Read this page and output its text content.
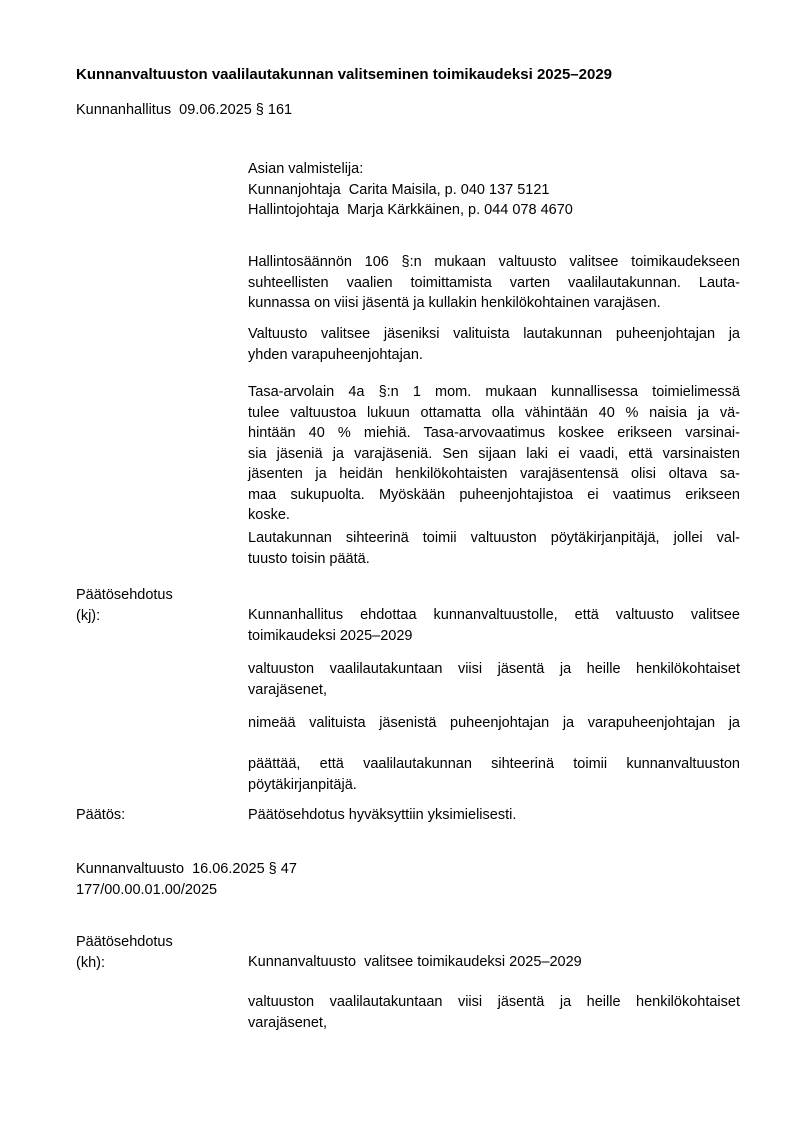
Kunnanvaltuuston vaalilautakunnan valitseminen toimikaudeksi 2025–2029
Kunnanhallitus  09.06.2025 § 161
Asian valmistelija:
Kunnanjohtaja  Carita Maisila, p. 040 137 5121
Hallintojohtaja  Marja Kärkkäinen, p. 044 078 4670
Hallintosäännön 106 §:n mukaan valtuusto valitsee toimikaudekseen
suhteellisten vaalien toimittamista varten vaalilautakunnan. Lauta-
kunnassa on viisi jäsentä ja kullakin henkilökohtainen varajäsen.
Valtuusto valitsee jäseniksi valituista lautakunnan puheenjohtajan ja
yhden varapuheenjohtajan.
Tasa-arvolain 4a §:n 1 mom. mukaan kunnallisessa toimielimessä
tulee valtuustoa lukuun ottamatta olla vähintään 40 % naisia ja vä-
hintään 40 % miehiä. Tasa-arvovaatimus koskee erikseen varsinai-
sia jäseniä ja varajäseniä. Sen sijaan laki ei vaadi, että varsinaisten
jäsenten ja heidän henkilökohtaisten varajäsentensä olisi oltava sa-
maa sukupuolta. Myöskään puheenjohtajistoa ei vaatimus erikseen
koske.
Lautakunnan sihteerinä toimii valtuuston pöytäkirjanpitäjä, jollei val-
tuusto toisin päätä.
Päätösehdotus
(kj):	Kunnanhallitus ehdottaa kunnanvaltuustolle, että valtuusto valitsee
toimikaudeksi 2025–2029
valtuuston vaalilautakuntaan viisi jäsentä ja heille henkilökohtaiset
varajäsenet,
nimeää valituista jäsenistä puheenjohtajan ja varapuheenjohtajan ja
päättää, että vaalilautakunnan sihteerinä toimii kunnanvaltuuston
pöytäkirjanpitäjä.
Päätös:	Päätösehdotus hyväksyttiin yksimielisesti.
Kunnanvaltuusto  16.06.2025 § 47
177/00.00.01.00/2025
Päätösehdotus
(kh):	Kunnanvaltuusto  valitsee toimikaudeksi 2025–2029
valtuuston vaalilautakuntaan viisi jäsentä ja heille henkilökohtaiset
varajäsenet,
